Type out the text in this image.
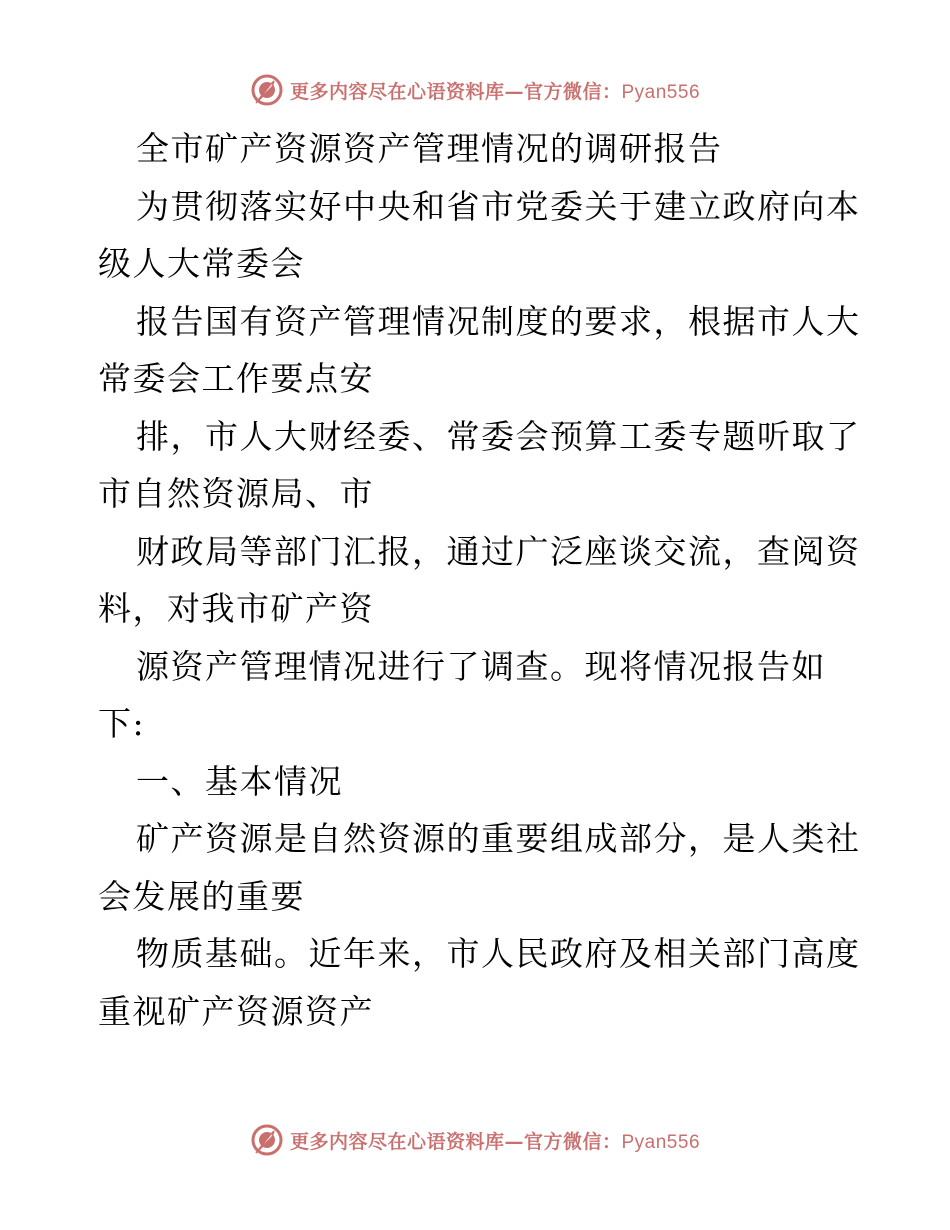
更多内容尽在心语资料库—官方微信：Pyan556
全市矿产资源资产管理情况的调研报告
为贯彻落实好中央和省市党委关于建立政府向本
级人大常委会
报告国有资产管理情况制度的要求，根据市人大
常委会工作要点安
排，市人大财经委、常委会预算工委专题听取了
市自然资源局、市
财政局等部门汇报，通过广泛座谈交流，查阅资
料，对我市矿产资
源资产管理情况进行了调查。现将情况报告如
下:
一、基本情况
矿产资源是自然资源的重要组成部分，是人类社
会发展的重要
物质基础。近年来，市人民政府及相关部门高度
重视矿产资源资产
更多内容尽在心语资料库—官方微信：Pyan556
